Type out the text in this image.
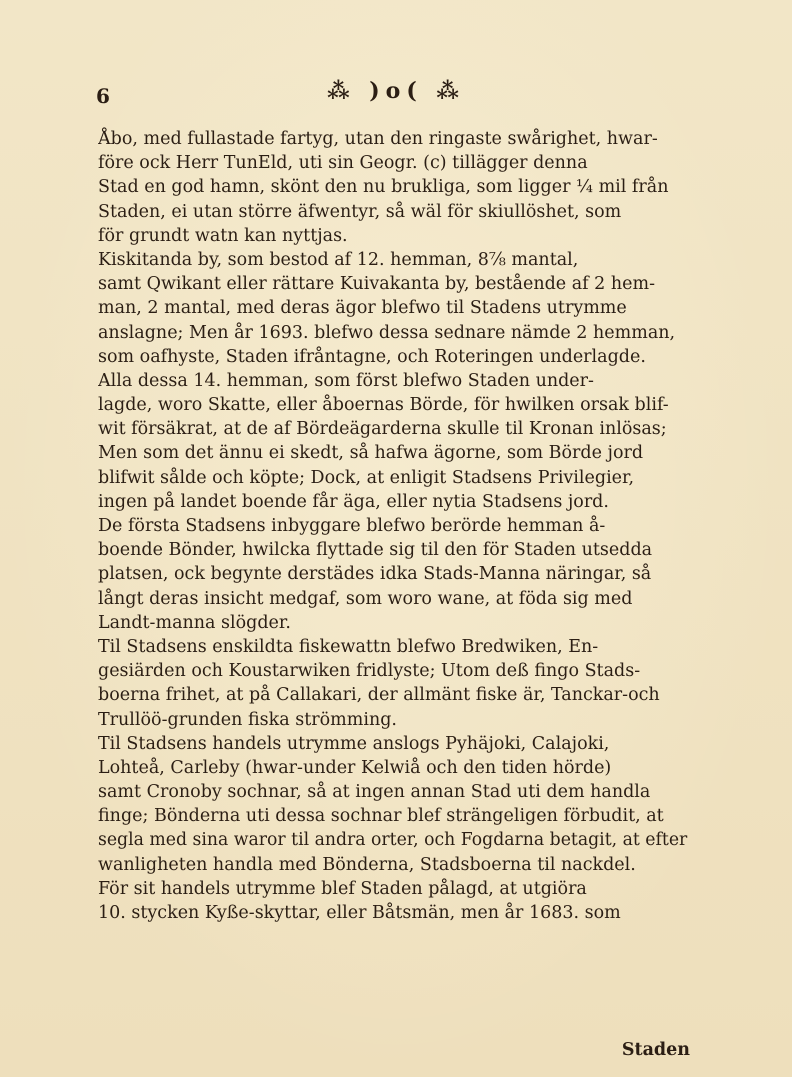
6	⁂ )o( ⁂
Åbo, med fullastade fartyg, utan den ringaste swårighet, hwar-
före ock Herr TunEld, uti sin Geogr. (c) tillägger denna
Stad en god hamn, skönt den nu brukliga, som ligger ¼ mil från
Staden, ei utan större äfwentyr, så wäl för skiullöshet, som
för grundt watn kan nyttjas.
Kiskitanda by, som bestod af 12. hemman, 8⅞ mantal,
samt Qwikant eller rättare Kuivakanta by, bestående af 2 hem-
man, 2 mantal, med deras ägor blefwo til Stadens utrymme
anslagne; Men år 1693. blefwo dessa sednare nämde 2 hemman,
som oafhyste, Staden ifråntagne, och Roteringen underlagde.
Alla dessa 14. hemman, som först blefwo Staden under-
lagde, woro Skatte, eller åboernas Börde, för hwilken orsak blif-
wit försäkrat, at de af Bördeägarderna skulle til Kronan inlösas;
Men som det ännu ei skedt, så hafwa ägorne, som Börde jord
blifwit sålde och köpte; Dock, at enligit Stadsens Privilegier,
ingen på landet boende får äga, eller nytia Stadsens jord.
De första Stadsens inbyggare blefwo berörde hemman å-
boende Bönder, hwilcka flyttade sig til den för Staden utsedda
platsen, ock begynte derstädes idka Stads-Manna näringar, så
långt deras insicht medgaf, som woro wane, at föda sig med
Landt-manna slögder.
Til Stadsens enskildta fiskewattn blefwo Bredwiken, En-
gesiärden och Koustarwiken fridlyste; Utom deß fingo Stads-
boerna frihet, at på Callakari, der allmänt fiske är, Tanckar-och
Trullöö-grunden fiska strömming.
Til Stadsens handels utrymme anslogs Pyhäjoki, Calajoki,
Lohteå, Carleby (hwar-under Kelwiå och den tiden hörde)
samt Cronoby sochnar, så at ingen annan Stad uti dem handla
finge; Bönderna uti dessa sochnar blef strängeligen förbudit, at
segla med sina waror til andra orter, och Fogdarna betagit, at efter
wanligheten handla med Bönderna, Stadsboerna til nackdel.
För sit handels utrymme blef Staden pålagd, at utgiöra
10. stycken Kyße-skyttar, eller Båtsmän, men år 1683. som
Staden
